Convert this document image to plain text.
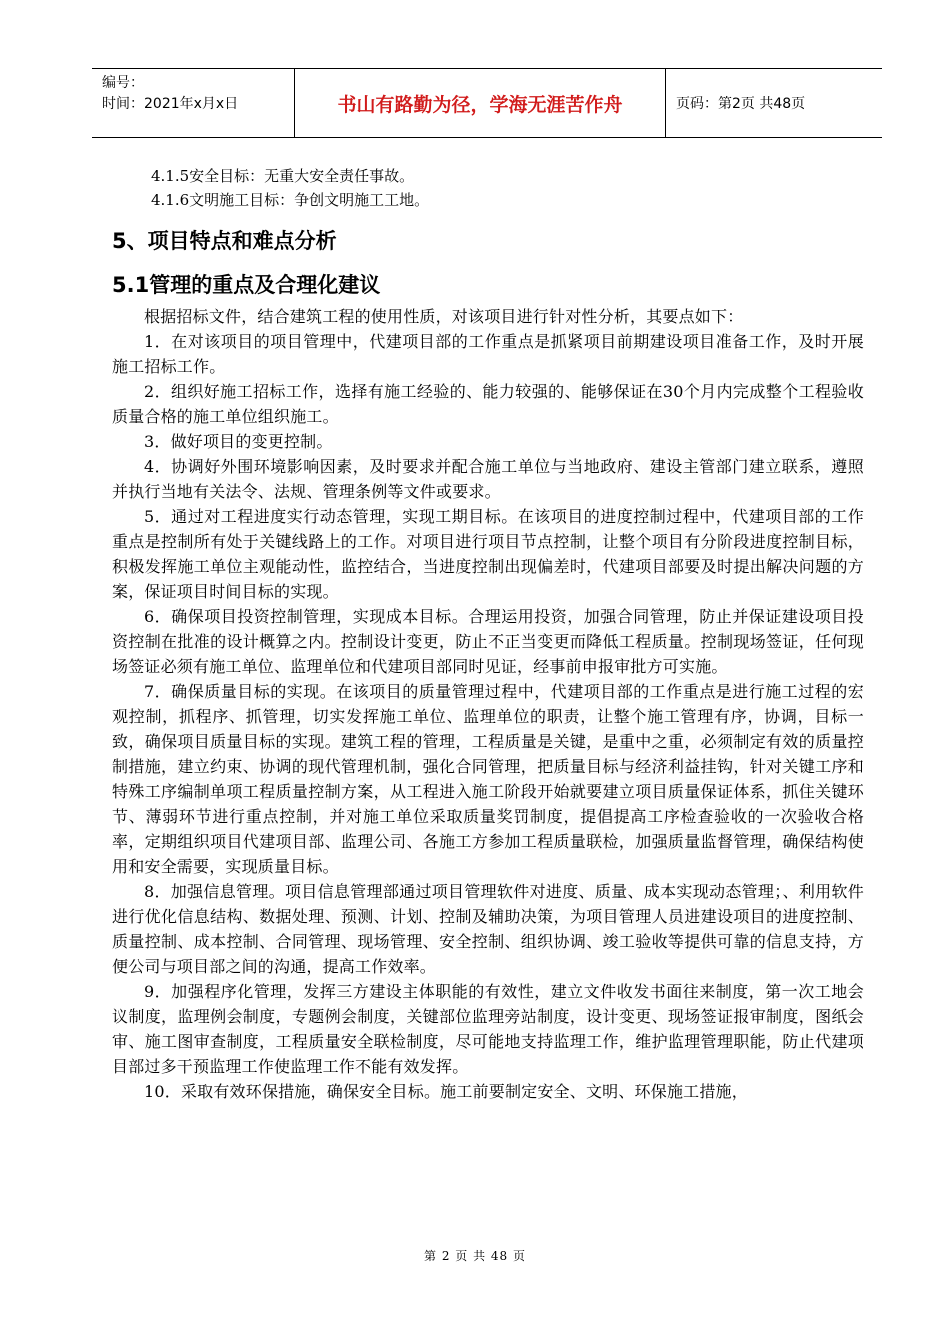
编号：
时间：2021年x月x日	书山有路勤为径，学海无涯苦作舟	页码：第2页 共48页

4.1.5安全目标：无重大安全责任事故。

4.1.6文明施工目标：争创文明施工工地。

5、项目特点和难点分析
5.1管理的重点及合理化建议

根据招标文件，结合建筑工程的使用性质，对该项目进行针对性分析，其要点如下：

1．在对该项目的项目管理中，代建项目部的工作重点是抓紧项目前期建设项目准备工作，及时开展施工招标工作。

2．组织好施工招标工作，选择有施工经验的、能力较强的、能够保证在30个月内完成整个工程验收质量合格的施工单位组织施工。

3．做好项目的变更控制。

4．协调好外围环境影响因素，及时要求并配合施工单位与当地政府、建设主管部门建立联系，遵照并执行当地有关法令、法规、管理条例等文件或要求。

5．通过对工程进度实行动态管理，实现工期目标。在该项目的进度控制过程中，代建项目部的工作重点是控制所有处于关键线路上的工作。对项目进行项目节点控制，让整个项目有分阶段进度控制目标，积极发挥施工单位主观能动性，监控结合，当进度控制出现偏差时，代建项目部要及时提出解决问题的方案，保证项目时间目标的实现。

6．确保项目投资控制管理，实现成本目标。合理运用投资，加强合同管理，防止并保证建设项目投资控制在批准的设计概算之内。控制设计变更，防止不正当变更而降低工程质量。控制现场签证，任何现场签证必须有施工单位、监理单位和代建项目部同时见证，经事前申报审批方可实施。

7．确保质量目标的实现。在该项目的质量管理过程中，代建项目部的工作重点是进行施工过程的宏观控制，抓程序、抓管理，切实发挥施工单位、监理单位的职责，让整个施工管理有序，协调，目标一致，确保项目质量目标的实现。建筑工程的管理，工程质量是关键，是重中之重，必须制定有效的质量控制措施，建立约束、协调的现代管理机制，强化合同管理，把质量目标与经济利益挂钩，针对关键工序和特殊工序编制单项工程质量控制方案，从工程进入施工阶段开始就要建立项目质量保证体系，抓住关键环节、薄弱环节进行重点控制，并对施工单位采取质量奖罚制度，提倡提高工序检查验收的一次验收合格率，定期组织项目代建项目部、监理公司、各施工方参加工程质量联检，加强质量监督管理，确保结构使用和安全需要，实现质量目标。

8．加强信息管理。项目信息管理部通过项目管理软件对进度、质量、成本实现动态管理；、利用软件进行优化信息结构、数据处理、预测、计划、控制及辅助决策，为项目管理人员进建设项目的进度控制、质量控制、成本控制、合同管理、现场管理、安全控制、组织协调、竣工验收等提供可靠的信息支持，方便公司与项目部之间的沟通，提高工作效率。

9．加强程序化管理，发挥三方建设主体职能的有效性，建立文件收发书面往来制度，第一次工地会议制度，监理例会制度，专题例会制度，关键部位监理旁站制度，设计变更、现场签证报审制度，图纸会审、施工图审查制度，工程质量安全联检制度，尽可能地支持监理工作，维护监理管理职能，防止代建项目部过多干预监理工作使监理工作不能有效发挥。

10．采取有效环保措施，确保安全目标。施工前要制定安全、文明、环保施工措施，

第 2 页 共 48 页
